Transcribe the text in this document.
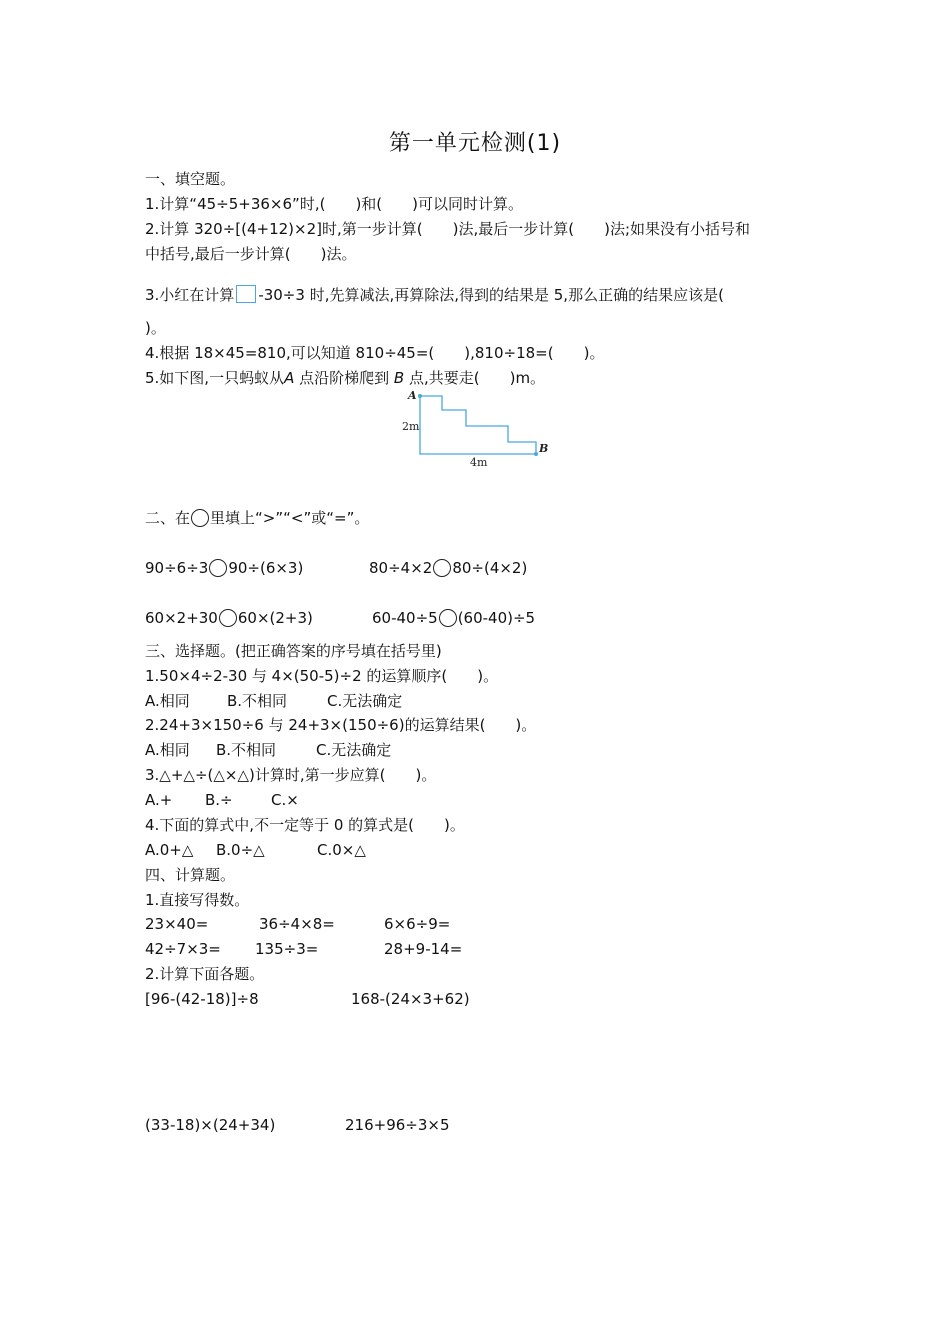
第一单元检测(1)
一、填空题。
1.计算“45÷5+36×6”时,(　　)和(　　)可以同时计算。
2.计算 320÷[(4+12)×2]时,第一步计算(　　)法,最后一步计算(　　)法;如果没有小括号和
中括号,最后一步计算(　　)法。
3.小红在计算 -30÷3 时,先算减法,再算除法,得到的结果是 5,那么正确的结果应该是(
)。
4.根据 18×45=810,可以知道 810÷45=(　　),810÷18=(　　)。
5.如下图,一只蚂蚁从A 点沿阶梯爬到 B 点,共要走(　　)m。
A
B
2m
4m
二、在 里填上“>”“<”或“=”。
90÷6÷3 90÷(6×3)	80÷4×2 80÷(4×2)
60×2+30 60×(2+3)	60-40÷5 (60-40)÷5
三、选择题。(把正确答案的序号填在括号里)
1.50×4÷2-30 与 4×(50-5)÷2 的运算顺序(　　)。
A.相同 B.不相同	C.无法确定
2.24+3×150÷6 与 24+3×(150÷6)的运算结果(　　)。
A.相同 B.不相同	C.无法确定
3.△+△÷(△×△)计算时,第一步应算(　　)。
A.+ B.÷	C.×
4.下面的算式中,不一定等于 0 的算式是(　　)。
A.0+△ B.0÷△	C.0×△
四、计算题。
1.直接写得数。
23×40=	36÷4×8=	6×6÷9=
42÷7×3= 135÷3=	28+9-14=
2.计算下面各题。
[96-(42-18)]÷8	168-(24×3+62)
(33-18)×(24+34)	216+96÷3×5
